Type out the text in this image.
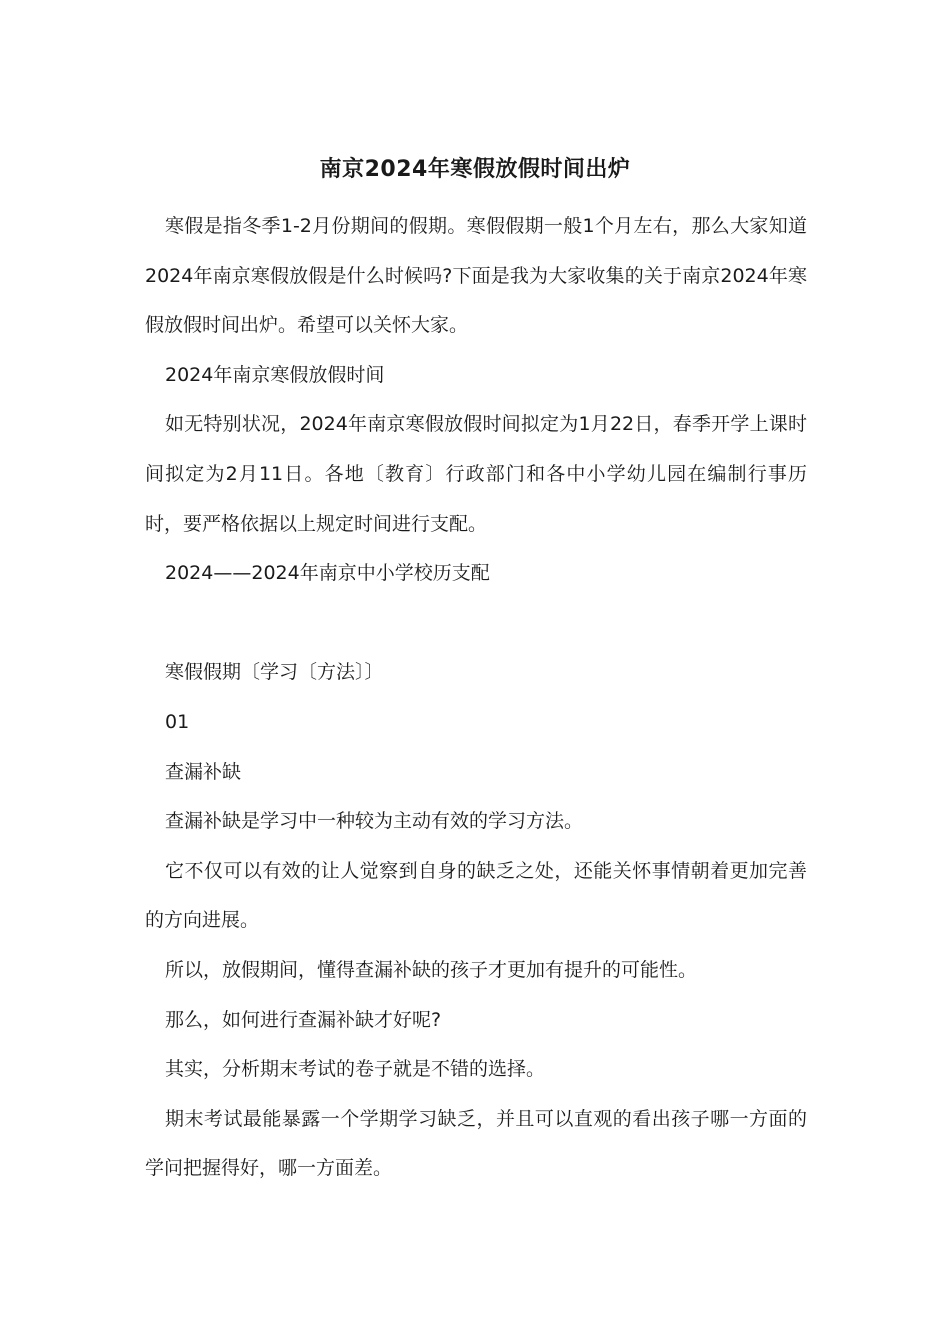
南京2024年寒假放假时间出炉

寒假是指冬季1-2月份期间的假期。寒假假期一般1个月左右，那么大家知道2024年南京寒假放假是什么时候吗?下面是我为大家收集的关于南京2024年寒假放假时间出炉。希望可以关怀大家。

2024年南京寒假放假时间

如无特别状况，2024年南京寒假放假时间拟定为1月22日，春季开学上课时间拟定为2月11日。各地〔教育〕行政部门和各中小学幼儿园在编制行事历时，要严格依据以上规定时间进行支配。

2024——2024年南京中小学校历支配

寒假假期〔学习〔方法〕〕

01

查漏补缺

查漏补缺是学习中一种较为主动有效的学习方法。

它不仅可以有效的让人觉察到自身的缺乏之处，还能关怀事情朝着更加完善的方向进展。

所以，放假期间，懂得查漏补缺的孩子才更加有提升的可能性。

那么，如何进行查漏补缺才好呢?

其实，分析期末考试的卷子就是不错的选择。

期末考试最能暴露一个学期学习缺乏，并且可以直观的看出孩子哪一方面的学问把握得好，哪一方面差。
